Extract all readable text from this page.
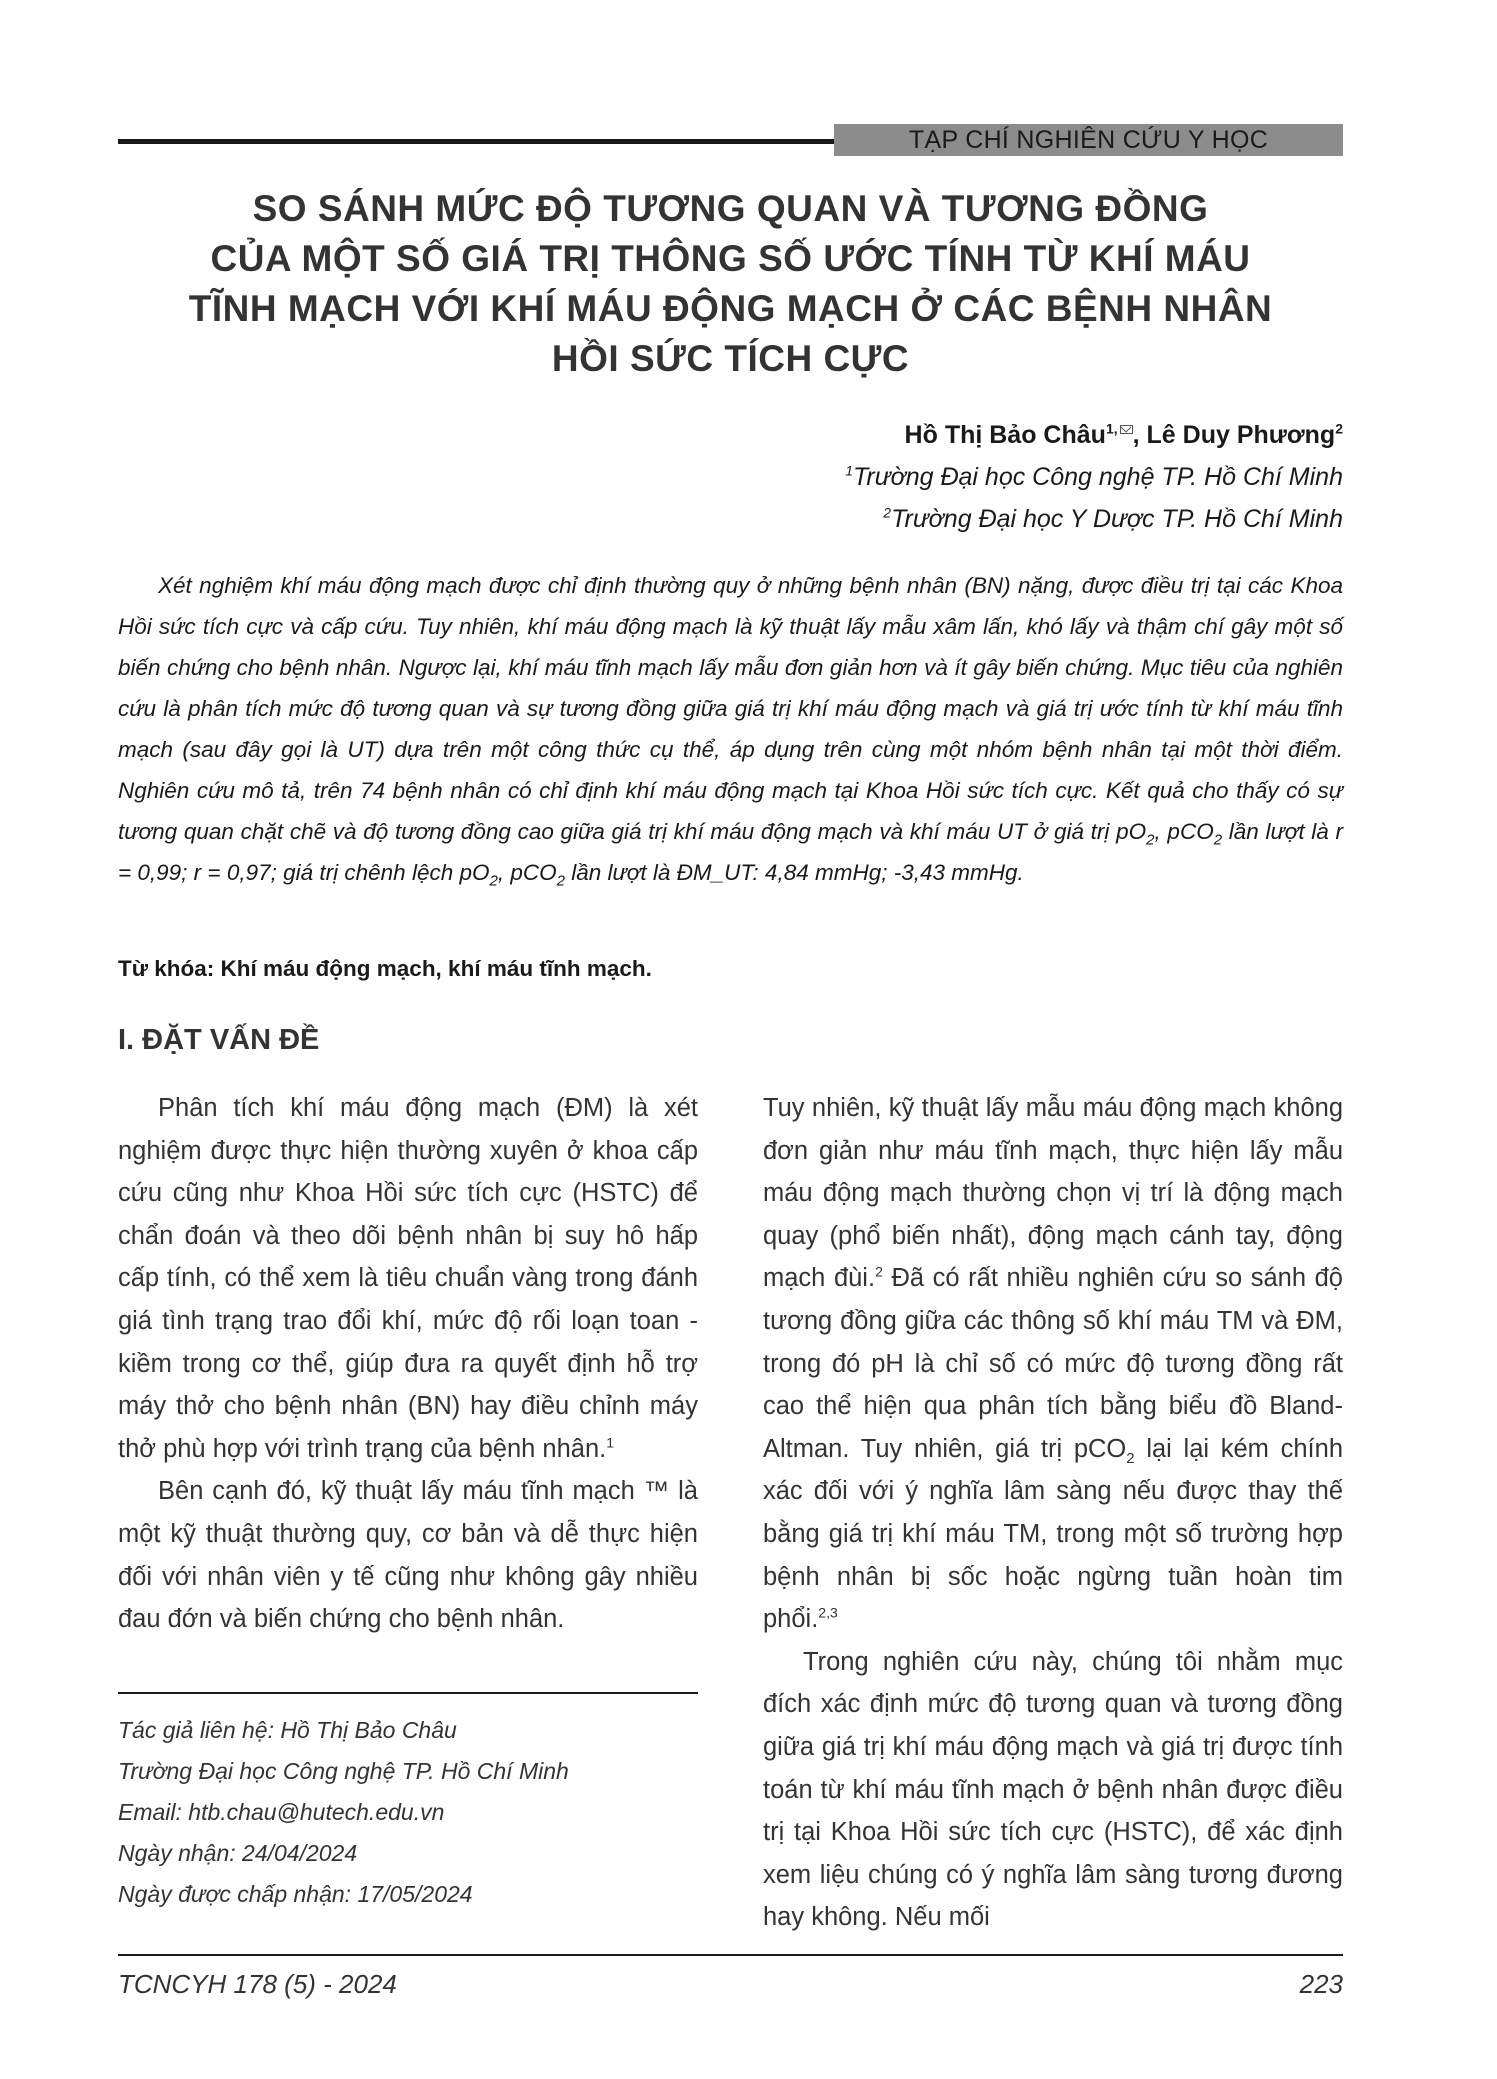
TẠP CHÍ NGHIÊN CỨU Y HỌC
SO SÁNH MỨC ĐỘ TƯƠNG QUAN VÀ TƯƠNG ĐỒNG
CỦA MỘT SỐ GIÁ TRỊ THÔNG SỐ ƯỚC TÍNH TỪ KHÍ MÁU
TĨNH MẠCH VỚI KHÍ MÁU ĐỘNG MẠCH Ở CÁC BỆNH NHÂN
HỒI SỨC TÍCH CỰC
Hồ Thị Bảo Châu$^{1,}$ , Lê Duy Phương$^2$
$^1$Trường Đại học Công nghệ TP. Hồ Chí Minh
$^2$Trường Đại học Y Dược TP. Hồ Chí Minh
Xét nghiệm khí máu động mạch được chỉ định thường quy ở những bệnh nhân (BN) nặng, được điều trị tại các Khoa Hồi sức tích cực và cấp cứu. Tuy nhiên, khí máu động mạch là kỹ thuật lấy mẫu xâm lấn, khó lấy và thậm chí gây một số biến chứng cho bệnh nhân. Ngược lại, khí máu tĩnh mạch lấy mẫu đơn giản hơn và ít gây biến chứng. Mục tiêu của nghiên cứu là phân tích mức độ tương quan và sự tương đồng giữa giá trị khí máu động mạch và giá trị ước tính từ khí máu tĩnh mạch (sau đây gọi là UT) dựa trên một công thức cụ thể, áp dụng trên cùng một nhóm bệnh nhân tại một thời điểm. Nghiên cứu mô tả, trên 74 bệnh nhân có chỉ định khí máu động mạch tại Khoa Hồi sức tích cực. Kết quả cho thấy có sự tương quan chặt chẽ và độ tương đồng cao giữa giá trị khí máu động mạch và khí máu UT ở giá trị $pO_2$, pCO$_2$ lần lượt là r = 0,99; r = 0,97; giá trị chênh lệch $pO_2$, pCO$_2$ lần lượt là ĐM_UT: 4,84 mmHg; -3,43 mmHg.
Từ khóa: Khí máu động mạch, khí máu tĩnh mạch.
I. ĐẶT VẤN ĐỀ

Phân tích khí máu động mạch (ĐM) là xét nghiệm được thực hiện thường xuyên ở khoa cấp cứu cũng như Khoa Hồi sức tích cực (HSTC) để chẩn đoán và theo dõi bệnh nhân bị suy hô hấp cấp tính, có thể xem là tiêu chuẩn vàng trong đánh giá tình trạng trao đổi khí, mức độ rối loạn toan - kiềm trong cơ thể, giúp đưa ra quyết định hỗ trợ máy thở cho bệnh nhân (BN) hay điều chỉnh máy thở phù hợp với trình trạng của bệnh nhân.$^1$

Bên cạnh đó, kỹ thuật lấy máu tĩnh mạch ™ là một kỹ thuật thường quy, cơ bản và dễ thực hiện đối với nhân viên y tế cũng như không gây nhiều đau đớn và biến chứng cho bệnh nhân.

Tác giả liên hệ: Hồ Thị Bảo Châu
Trường Đại học Công nghệ TP. Hồ Chí Minh
Email: htb.chau@hutech.edu.vn
Ngày nhận: 24/04/2024
Ngày được chấp nhận: 17/05/2024

Tuy nhiên, kỹ thuật lấy mẫu máu động mạch không đơn giản như máu tĩnh mạch, thực hiện lấy mẫu máu động mạch thường chọn vị trí là động mạch quay (phổ biến nhất), động mạch cánh tay, động mạch đùi.$^2$ Đã có rất nhiều nghiên cứu so sánh độ tương đồng giữa các thông số khí máu TM và ĐM, trong đó pH là chỉ số có mức độ tương đồng rất cao thể hiện qua phân tích bằng biểu đồ Bland-Altman. Tuy nhiên, giá trị pCO$_2$ lại lại kém chính xác đối với ý nghĩa lâm sàng nếu được thay thế bằng giá trị khí máu TM, trong một số trường hợp bệnh nhân bị sốc hoặc ngừng tuần hoàn tim phổi.$^{2,3}$

Trong nghiên cứu này, chúng tôi nhằm mục đích xác định mức độ tương quan và tương đồng giữa giá trị khí máu động mạch và giá trị được tính toán từ khí máu tĩnh mạch ở bệnh nhân được điều trị tại Khoa Hồi sức tích cực (HSTC), để xác định xem liệu chúng có ý nghĩa lâm sàng tương đương hay không. Nếu mối

TCNCYH 178 (5) - 2024	223
